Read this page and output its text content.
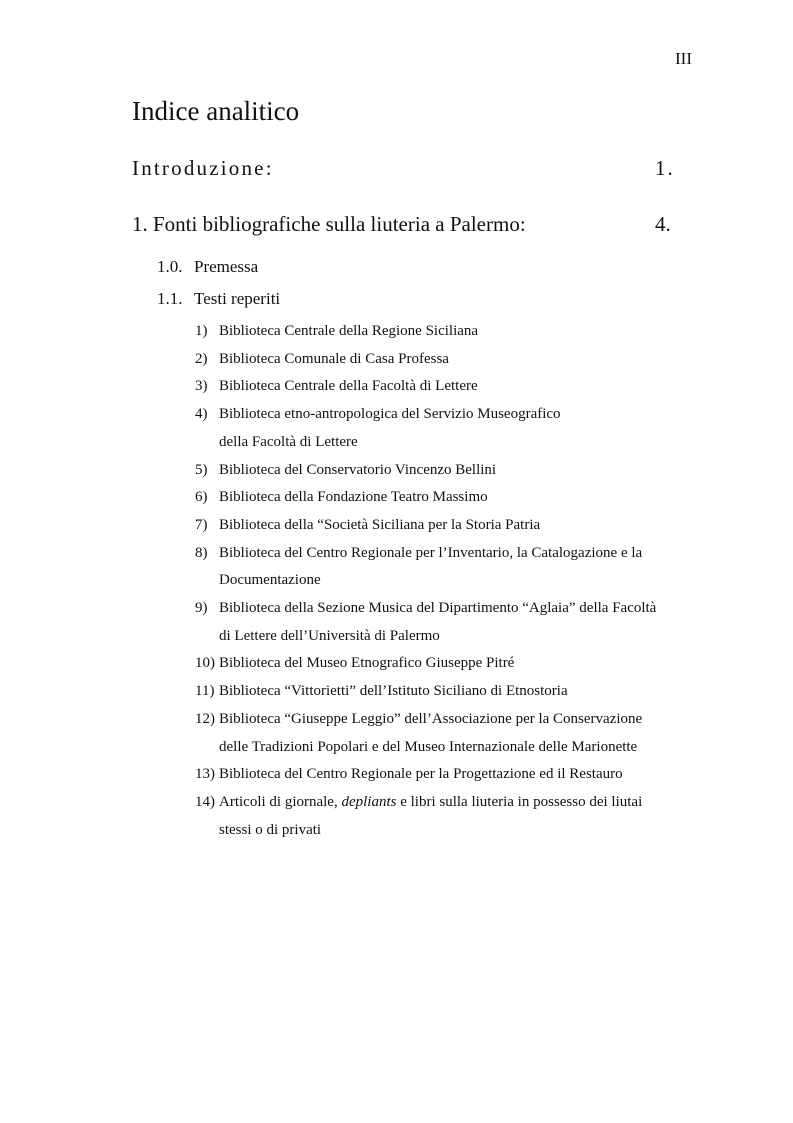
III
Indice analitico
Introduzione:	1.
1. Fonti bibliografiche sulla liuteria a Palermo:	4.
1.0. Premessa
1.1. Testi reperiti
1) Biblioteca Centrale della Regione Siciliana
2) Biblioteca Comunale di Casa Professa
3) Biblioteca Centrale della Facoltà di Lettere
4) Biblioteca etno-antropologica del Servizio Museografico
della Facoltà di Lettere
5) Biblioteca del Conservatorio Vincenzo Bellini
6) Biblioteca della Fondazione Teatro Massimo
7) Biblioteca della “Società Siciliana per la Storia Patria
8) Biblioteca del Centro Regionale per l’Inventario, la Catalogazione e la
Documentazione
9) Biblioteca della Sezione Musica del Dipartimento “Aglaia” della Facoltà
di Lettere dell’Università di Palermo
10) Biblioteca del Museo Etnografico Giuseppe Pitré
11) Biblioteca “Vittorietti” dell’Istituto Siciliano di Etnostoria
12) Biblioteca “Giuseppe Leggio” dell’Associazione per la Conservazione
delle Tradizioni Popolari e del Museo Internazionale delle Marionette
13) Biblioteca del Centro Regionale per la Progettazione ed il Restauro
14) Articoli di giornale, depliants e libri sulla liuteria in possesso dei liutai
stessi o di privati
